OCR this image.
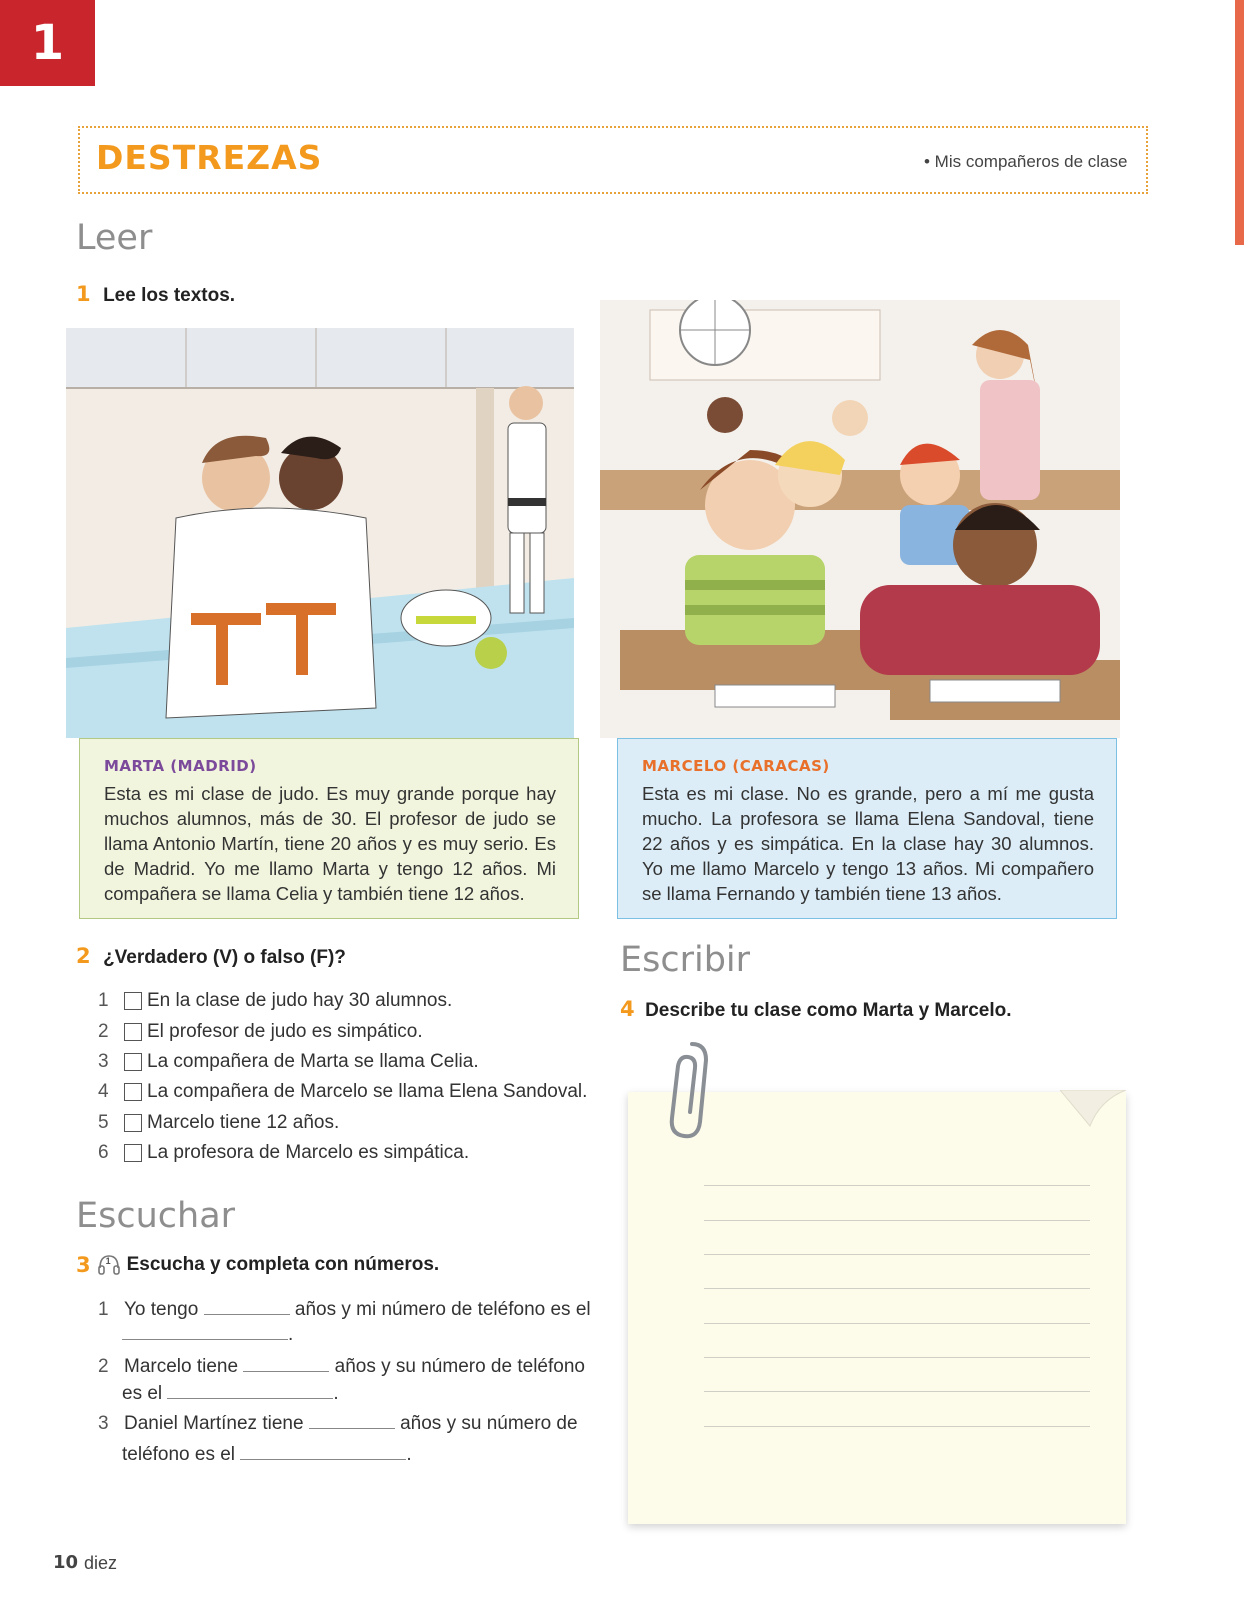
1
DESTREZAS	• Mis compañeros de clase
Leer
1 Lee los textos.
MARTA (MADRID)
Esta es mi clase de judo. Es muy grande porque hay muchos alumnos, más de 30. El profesor de judo se llama Antonio Martín, tiene 20 años y es muy serio. Es de Madrid. Yo me llamo Marta y tengo 12 años. Mi compañera se llama Celia y también tiene 12 años.
MARCELO (CARACAS)
Esta es mi clase. No es grande, pero a mí me gusta mucho. La profesora se llama Elena Sandoval, tiene 22 años y es simpática. En la clase hay 30 alumnos. Yo me llamo Marcelo y tengo 13 años. Mi compañero se llama Fernando y también tiene 13 años.
2 ¿Verdadero (V) o falso (F)?
1	En la clase de judo hay 30 alumnos.
2	El profesor de judo es simpático.
3	La compañera de Marta se llama Celia.
4	La compañera de Marcelo se llama Elena Sandoval.
5	Marcelo tiene 12 años.
6	La profesora de Marcelo es simpática.
Escuchar
3 1 Escucha y completa con números.
1 Yo tengo	años y mi número de teléfono es el
.
2 Marcelo tiene	años y su número de teléfono
es el	.
3 Daniel Martínez tiene	años y su número de
teléfono es el	.
Escribir
4 Describe tu clase como Marta y Marcelo.
10 diez
